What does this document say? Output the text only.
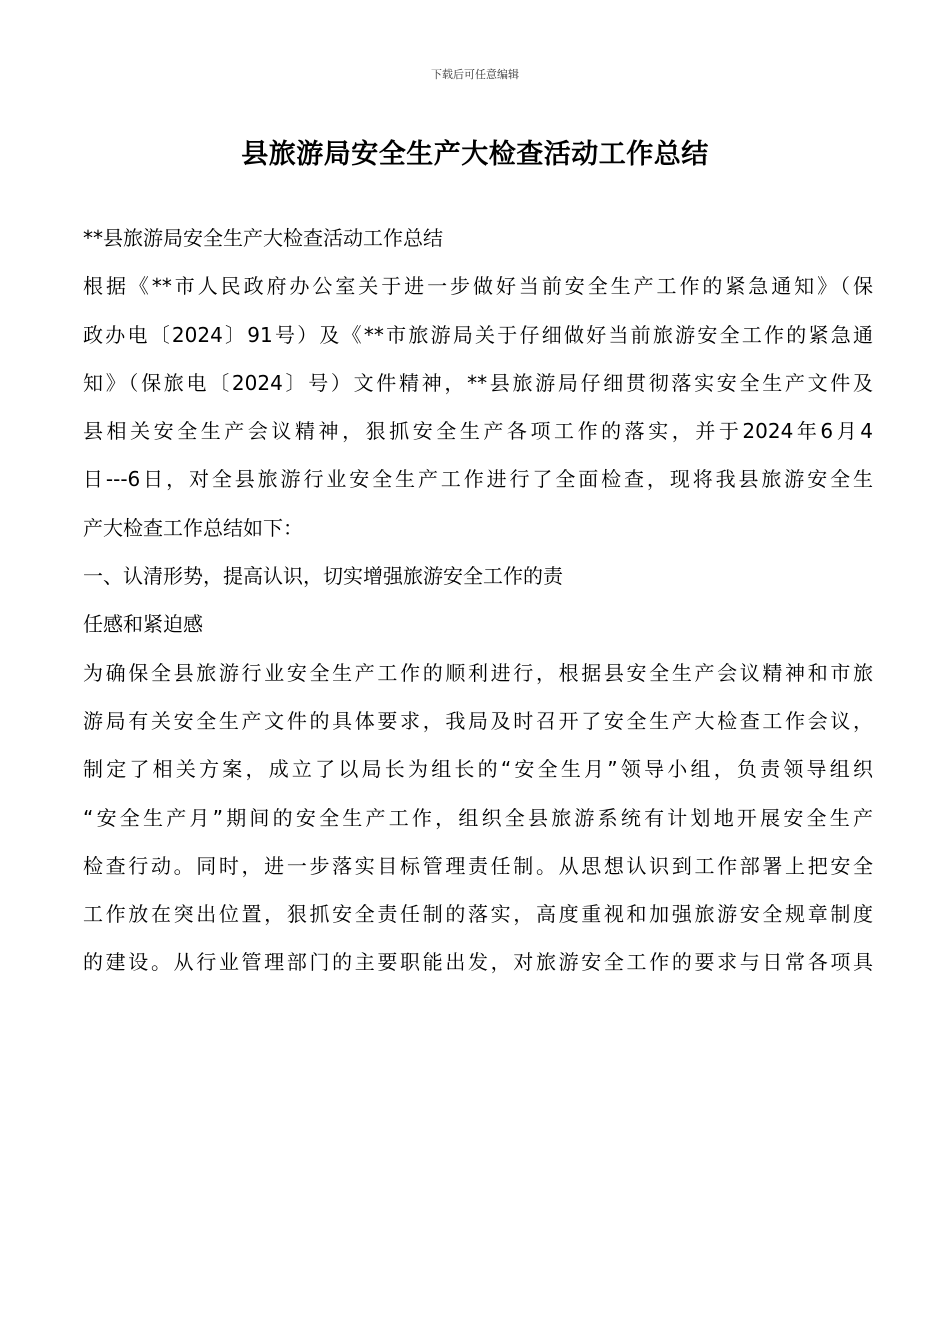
下载后可任意编辑
县旅游局安全生产大检查活动工作总结
**县旅游局安全生产大检查活动工作总结
根据《**市人民政府办公室关于进一步做好当前安全生产工作的紧急通知》（保
政办电〔2024〕91号）及《**市旅游局关于仔细做好当前旅游安全工作的紧急通
知》（保旅电〔2024〕号）文件精神，**县旅游局仔细贯彻落实安全生产文件及
县相关安全生产会议精神，狠抓安全生产各项工作的落实，并于2024年6月4
日---6日，对全县旅游行业安全生产工作进行了全面检查，现将我县旅游安全生
产大检查工作总结如下：
一、认清形势，提高认识，切实增强旅游安全工作的责
任感和紧迫感
为确保全县旅游行业安全生产工作的顺利进行，根据县安全生产会议精神和市旅
游局有关安全生产文件的具体要求，我局及时召开了安全生产大检查工作会议，
制定了相关方案，成立了以局长为组长的“安全生月”领导小组，负责领导组织
“安全生产月”期间的安全生产工作，组织全县旅游系统有计划地开展安全生产
检查行动。同时，进一步落实目标管理责任制。从思想认识到工作部署上把安全
工作放在突出位置，狠抓安全责任制的落实，高度重视和加强旅游安全规章制度
的建设。从行业管理部门的主要职能出发，对旅游安全工作的要求与日常各项具
